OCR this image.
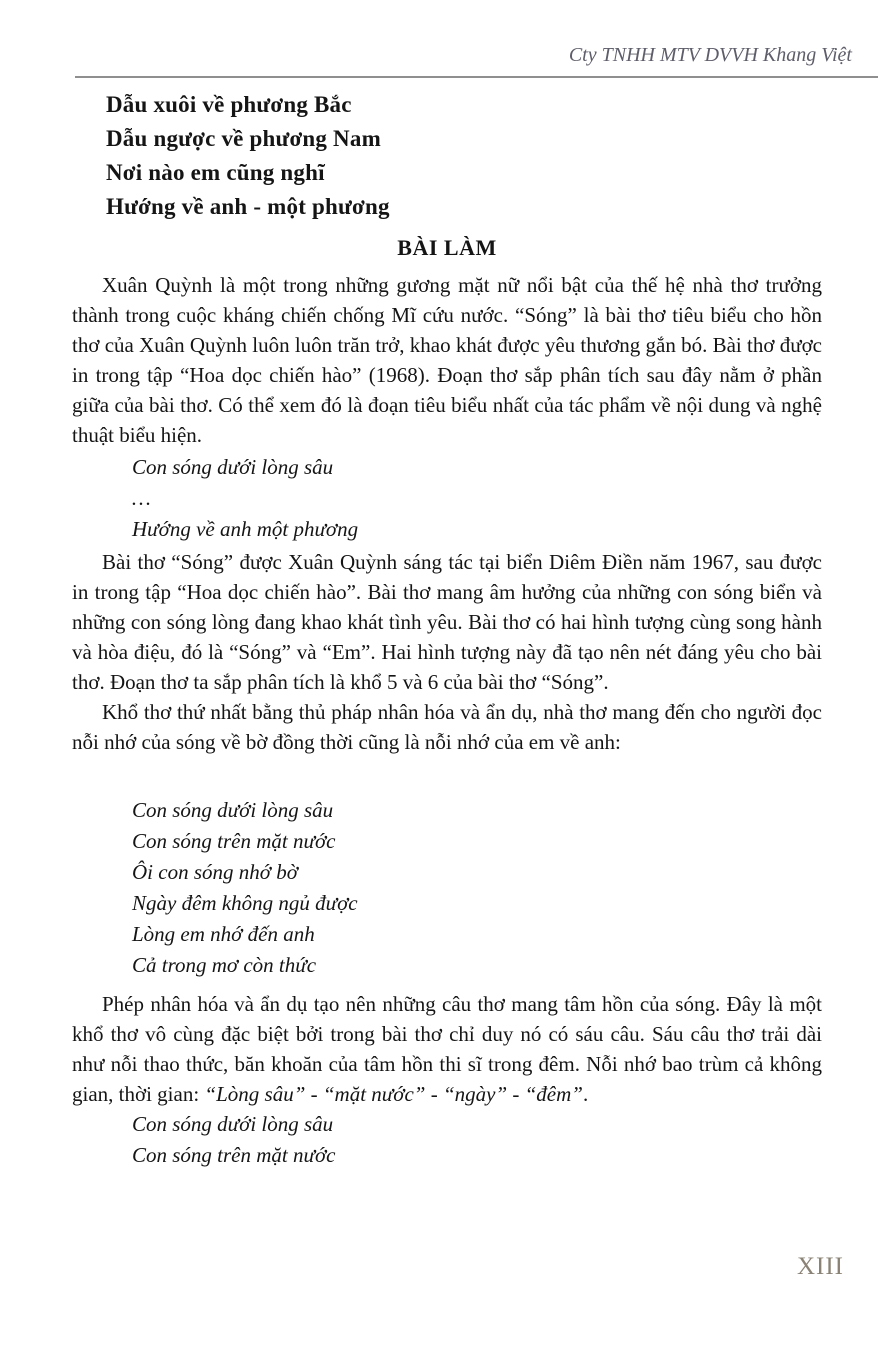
Cty TNHH MTV DVVH Khang Việt
Dẫu xuôi về phương Bắc
Dẫu ngược về phương Nam
Nơi nào em cũng nghĩ
Hướng về anh - một phương
BÀI LÀM

Xuân Quỳnh là một trong những gương mặt nữ nổi bật của thế hệ nhà thơ trưởng thành trong cuộc kháng chiến chống Mĩ cứu nước. “Sóng” là bài thơ tiêu biểu cho hồn thơ của Xuân Quỳnh luôn luôn trăn trở, khao khát được yêu thương gắn bó. Bài thơ được in trong tập “Hoa dọc chiến hào” (1968). Đoạn thơ sắp phân tích sau đây nằm ở phần giữa của bài thơ. Có thể xem đó là đoạn tiêu biểu nhất của tác phẩm về nội dung và nghệ thuật biểu hiện.

Con sóng dưới lòng sâu
…
Hướng về anh một phương

Bài thơ “Sóng” được Xuân Quỳnh sáng tác tại biển Diêm Điền năm 1967, sau được in trong tập “Hoa dọc chiến hào”. Bài thơ mang âm hưởng của những con sóng biển và những con sóng lòng đang khao khát tình yêu. Bài thơ có hai hình tượng cùng song hành và hòa điệu, đó là “Sóng” và “Em”. Hai hình tượng này đã tạo nên nét đáng yêu cho bài thơ. Đoạn thơ ta sắp phân tích là khổ 5 và 6 của bài thơ “Sóng”.

Khổ thơ thứ nhất bằng thủ pháp nhân hóa và ẩn dụ, nhà thơ mang đến cho người đọc nỗi nhớ của sóng về bờ đồng thời cũng là nỗi nhớ của em về anh:

Con sóng dưới lòng sâu
Con sóng trên mặt nước
Ôi con sóng nhớ bờ
Ngày đêm không ngủ được
Lòng em nhớ đến anh
Cả trong mơ còn thức

Phép nhân hóa và ẩn dụ tạo nên những câu thơ mang tâm hồn của sóng. Đây là một khổ thơ vô cùng đặc biệt bởi trong bài thơ chỉ duy nó có sáu câu. Sáu câu thơ trải dài như nỗi thao thức, băn khoăn của tâm hồn thi sĩ trong đêm. Nỗi nhớ bao trùm cả không gian, thời gian: “Lòng sâu” - “mặt nước” - “ngày” - “đêm”.

Con sóng dưới lòng sâu
Con sóng trên mặt nước
XIII
